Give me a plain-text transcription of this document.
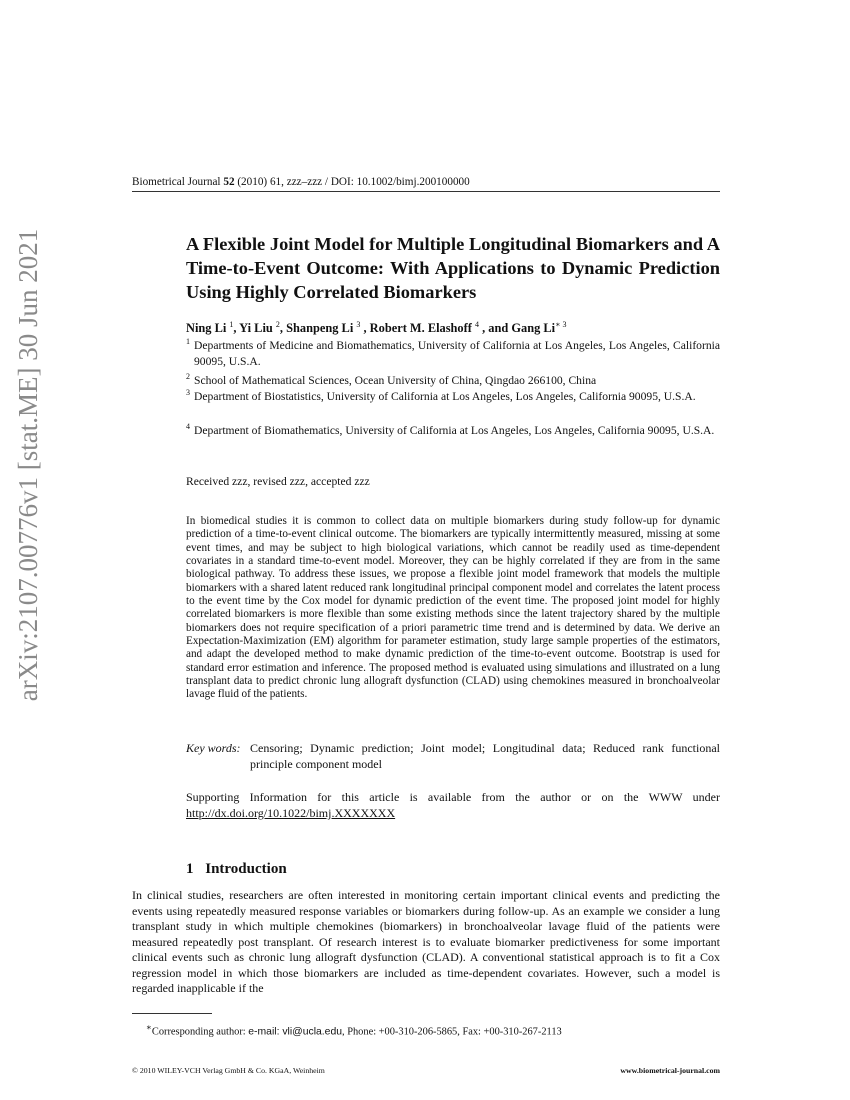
arXiv:2107.00776v1 [stat.ME] 30 Jun 2021
Biometrical Journal 52 (2010) 61, zzz–zzz / DOI: 10.1002/bimj.200100000
A Flexible Joint Model for Multiple Longitudinal Biomarkers and A Time-to-Event Outcome: With Applications to Dynamic Prediction Using Highly Correlated Biomarkers
Ning Li $^1$, Yi Liu $^2$, Shanpeng Li $^3$ , Robert M. Elashoff $^4$ , and Gang $Li^{∗ 3}$
1 Departments of Medicine and Biomathematics, University of California at Los Angeles, Los Angeles, California 90095, U.S.A.
2 School of Mathematical Sciences, Ocean University of China, Qingdao 266100, China
3 Department of Biostatistics, University of California at Los Angeles, Los Angeles, California 90095, U.S.A.
4 Department of Biomathematics, University of California at Los Angeles, Los Angeles, California 90095, U.S.A.
Received zzz, revised zzz, accepted zzz
In biomedical studies it is common to collect data on multiple biomarkers during study follow-up for dynamic prediction of a time-to-event clinical outcome. The biomarkers are typically intermittently measured, missing at some event times, and may be subject to high biological variations, which cannot be readily used as time-dependent covariates in a standard time-to-event model. Moreover, they can be highly correlated if they are from in the same biological pathway. To address these issues, we propose a flexible joint model framework that models the multiple biomarkers with a shared latent reduced rank longitudinal principal component model and correlates the latent process to the event time by the Cox model for dynamic prediction of the event time. The proposed joint model for highly correlated biomarkers is more flexible than some existing methods since the latent trajectory shared by the multiple biomarkers does not require specification of a priori parametric time trend and is determined by data. We derive an Expectation-Maximization (EM) algorithm for parameter estimation, study large sample properties of the estimators, and adapt the developed method to make dynamic prediction of the time-to-event outcome. Bootstrap is used for standard error estimation and inference. The proposed method is evaluated using simulations and illustrated on a lung transplant data to predict chronic lung allograft dysfunction (CLAD) using chemokines measured in bronchoalveolar lavage fluid of the patients.
Key words: Censoring; Dynamic prediction; Joint model; Longitudinal data; Reduced rank functional principle component model
Supporting Information for this article is available from the author or on the WWW under http://dx.doi.org/10.1022/bimj.XXXXXXX
1 Introduction
In clinical studies, researchers are often interested in monitoring certain important clinical events and predicting the events using repeatedly measured response variables or biomarkers during follow-up. As an example we consider a lung transplant study in which multiple chemokines (biomarkers) in bronchoalveolar lavage fluid of the patients were measured repeatedly post transplant. Of research interest is to evaluate biomarker predictiveness for some important clinical events such as chronic lung allograft dysfunction (CLAD). A conventional statistical approach is to fit a Cox regression model in which those biomarkers are included as time-dependent covariates. However, such a model is regarded inapplicable if the
∗Corresponding author: e-mail: vli@ucla.edu, Phone: +00-310-206-5865, Fax: +00-310-267-2113
© 2010 WILEY-VCH Verlag GmbH & Co. KGaA, Weinheim	www.biometrical-journal.com
